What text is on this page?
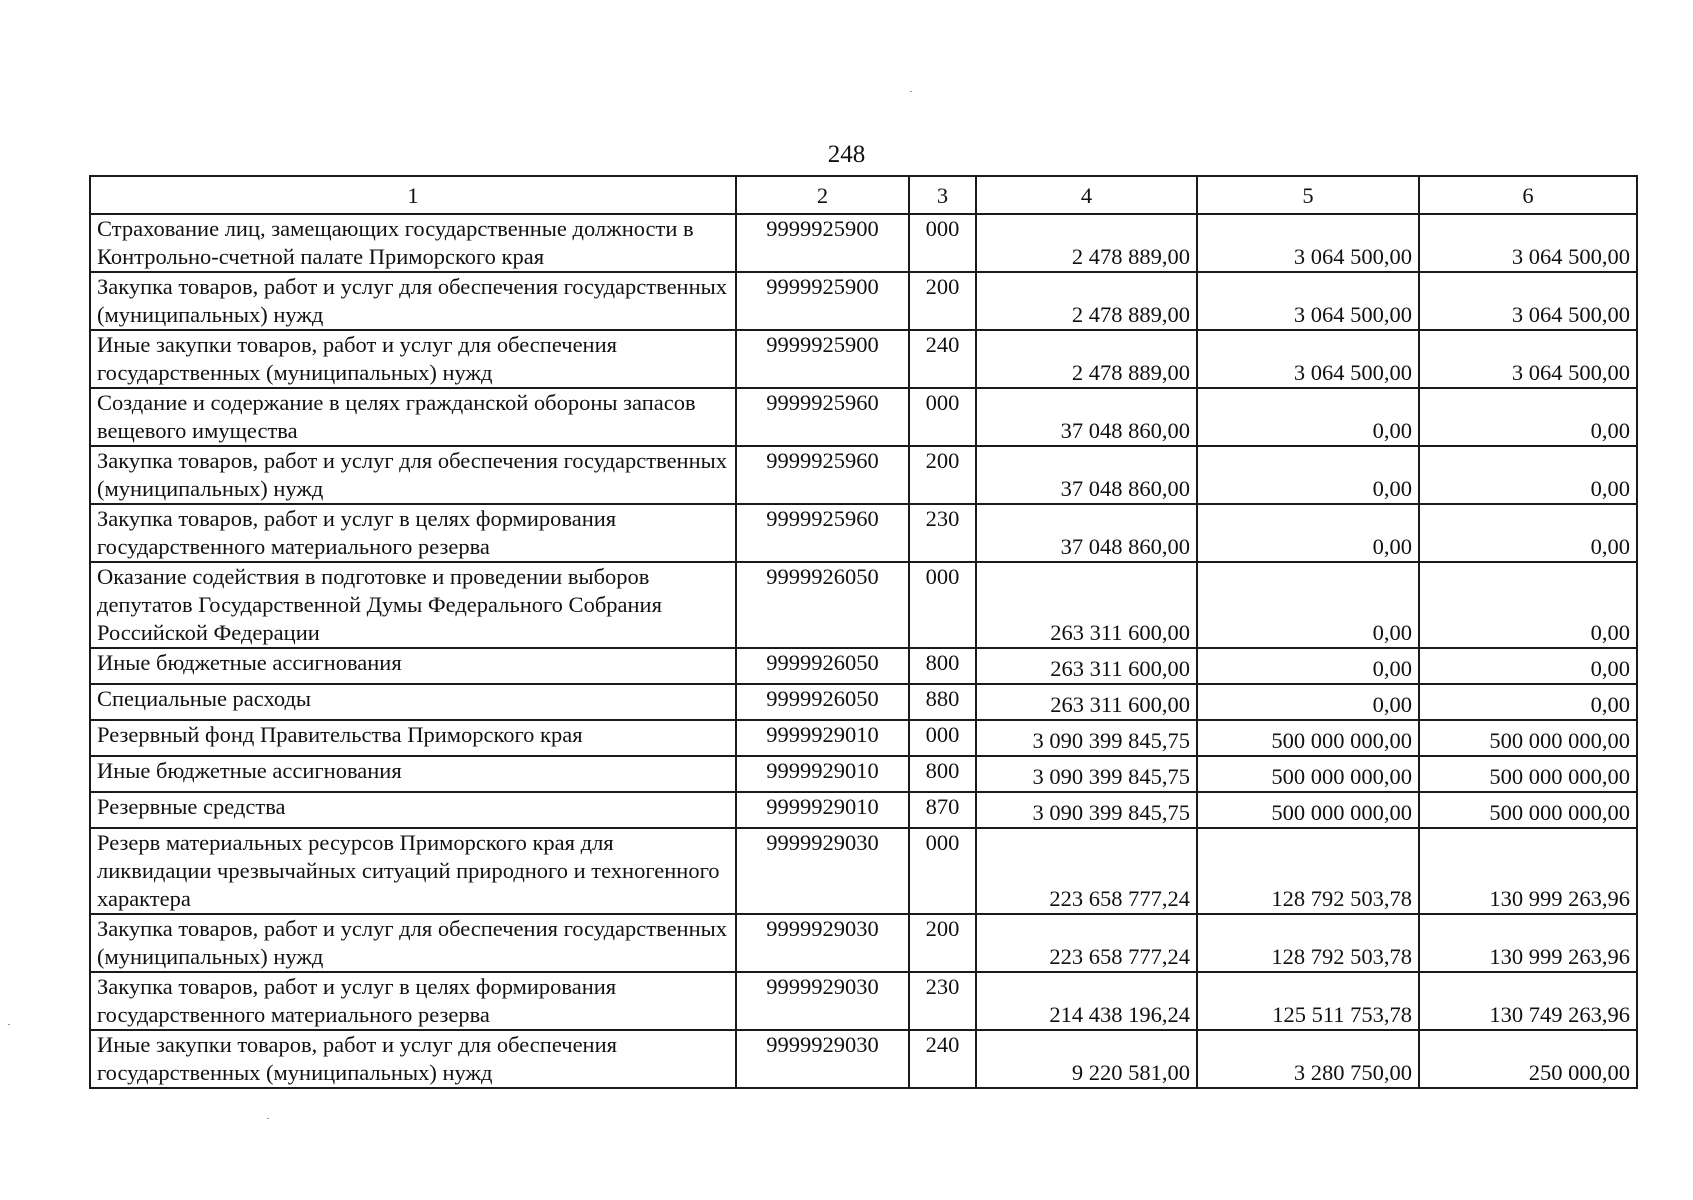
248
1	2	3	4	5	6
Страхование лиц, замещающих государственные должности в Контрольно-счетной палате Приморского края	9999925900	000	2 478 889,00	3 064 500,00	3 064 500,00
Закупка товаров, работ и услуг для обеспечения государственных (муниципальных) нужд	9999925900	200	2 478 889,00	3 064 500,00	3 064 500,00
Иные закупки товаров, работ и услуг для обеспечения государственных (муниципальных) нужд	9999925900	240	2 478 889,00	3 064 500,00	3 064 500,00
Создание и содержание в целях гражданской обороны запасов вещевого имущества	9999925960	000	37 048 860,00	0,00	0,00
Закупка товаров, работ и услуг для обеспечения государственных (муниципальных) нужд	9999925960	200	37 048 860,00	0,00	0,00
Закупка товаров, работ и услуг в целях формирования государственного материального резерва	9999925960	230	37 048 860,00	0,00	0,00
Оказание содействия в подготовке и проведении выборов депутатов Государственной Думы Федерального Собрания Российской Федерации	9999926050	000	263 311 600,00	0,00	0,00
Иные бюджетные ассигнования	9999926050	800	263 311 600,00	0,00	0,00
Специальные расходы	9999926050	880	263 311 600,00	0,00	0,00
Резервный фонд Правительства Приморского края	9999929010	000	3 090 399 845,75	500 000 000,00	500 000 000,00
Иные бюджетные ассигнования	9999929010	800	3 090 399 845,75	500 000 000,00	500 000 000,00
Резервные средства	9999929010	870	3 090 399 845,75	500 000 000,00	500 000 000,00
Резерв материальных ресурсов Приморского края для ликвидации чрезвычайных ситуаций природного и техногенного характера	9999929030	000	223 658 777,24	128 792 503,78	130 999 263,96
Закупка товаров, работ и услуг для обеспечения государственных (муниципальных) нужд	9999929030	200	223 658 777,24	128 792 503,78	130 999 263,96
Закупка товаров, работ и услуг в целях формирования государственного материального резерва	9999929030	230	214 438 196,24	125 511 753,78	130 749 263,96
Иные закупки товаров, работ и услуг для обеспечения государственных (муниципальных) нужд	9999929030	240	9 220 581,00	3 280 750,00	250 000,00
